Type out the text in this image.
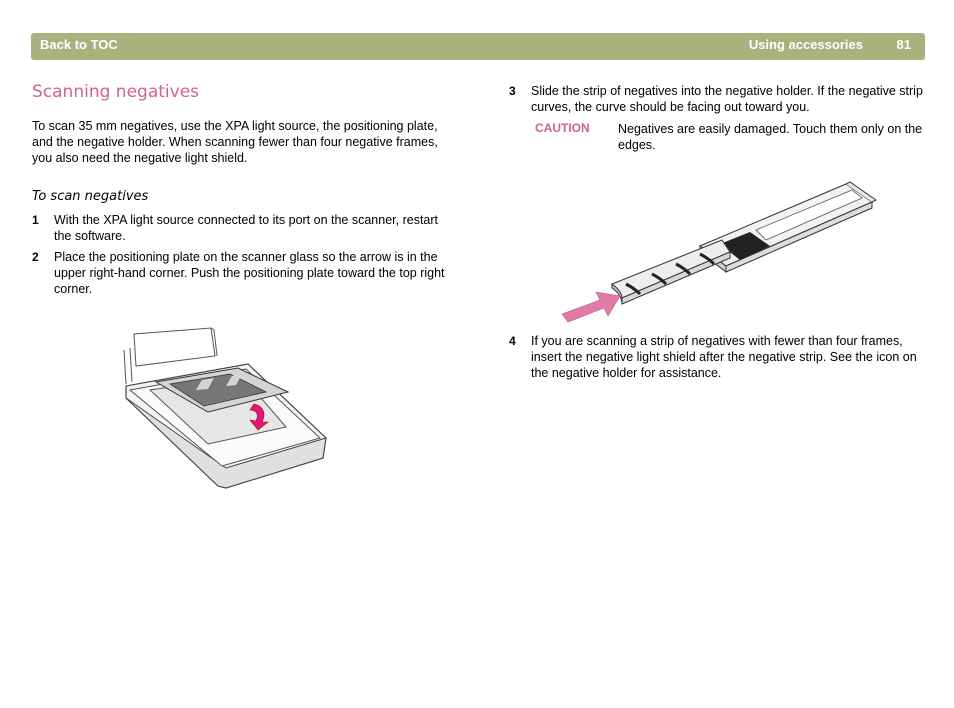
Back to TOC	Using accessories	81
Scanning negatives
To scan 35 mm negatives, use the XPA light source, the positioning plate, and the negative holder. When scanning fewer than four negative frames, you also need the negative light shield.
To scan negatives
1 With the XPA light source connected to its port on the scanner, restart the software.
2 Place the positioning plate on the scanner glass so the arrow is in the upper right-hand corner. Push the positioning plate toward the top right corner.
3 Slide the strip of negatives into the negative holder. If the negative strip curves, the curve should be facing out toward you.
CAUTION Negatives are easily damaged. Touch them only on the edges.
4 If you are scanning a strip of negatives with fewer than four frames, insert the negative light shield after the negative strip. See the icon on the negative holder for assistance.
